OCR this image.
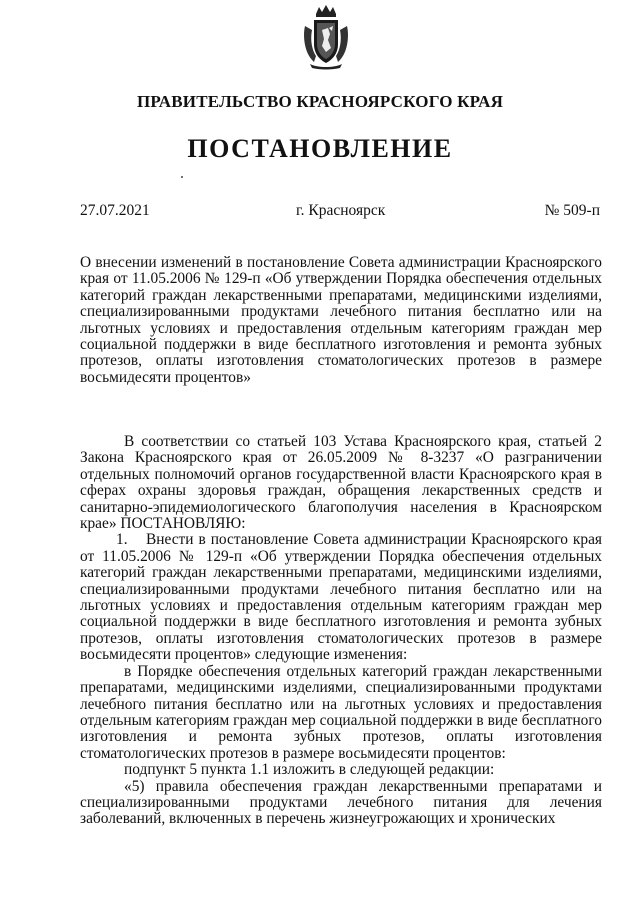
ПРАВИТЕЛЬСТВО КРАСНОЯРСКОГО КРАЯ
ПОСТАНОВЛЕНИЕ
27.07.2021	г. Красноярск	№ 509-п

О внесении изменений в постановление Совета администрации Красноярского края от 11.05.2006 № 129-п «Об утверждении Порядка обеспечения отдельных категорий граждан лекарственными препаратами, медицинскими изделиями, специализированными продуктами лечебного питания бесплатно или на льготных условиях и предоставления отдельным категориям граждан мер социальной поддержки в виде бесплатного изготовления и ремонта зубных протезов, оплаты изготовления стоматологических протезов в размере восьмидесяти процентов»

В соответствии со статьей 103 Устава Красноярского края, статьей 2 Закона Красноярского края от 26.05.2009 № 8-3237 «О разграничении отдельных полномочий органов государственной власти Красноярского края в сферах охраны здоровья граждан, обращения лекарственных средств и санитарно-эпидемиологического благополучия населения в Красноярском крае» ПОСТАНОВЛЯЮ:

1. Внести в постановление Совета администрации Красноярского края от 11.05.2006 № 129-п «Об утверждении Порядка обеспечения отдельных категорий граждан лекарственными препаратами, медицинскими изделиями, специализированными продуктами лечебного питания бесплатно или на льготных условиях и предоставления отдельным категориям граждан мер социальной поддержки в виде бесплатного изготовления и ремонта зубных протезов, оплаты изготовления стоматологических протезов в размере восьмидесяти процентов» следующие изменения:

в Порядке обеспечения отдельных категорий граждан лекарственными препаратами, медицинскими изделиями, специализированными продуктами лечебного питания бесплатно или на льготных условиях и предоставления отдельным категориям граждан мер социальной поддержки в виде бесплатного изготовления и ремонта зубных протезов, оплаты изготовления стоматологических протезов в размере восьмидесяти процентов:

подпункт 5 пункта 1.1 изложить в следующей редакции:

«5) правила обеспечения граждан лекарственными препаратами и специализированными продуктами лечебного питания для лечения заболеваний, включенных в перечень жизнеугрожающих и хронических
